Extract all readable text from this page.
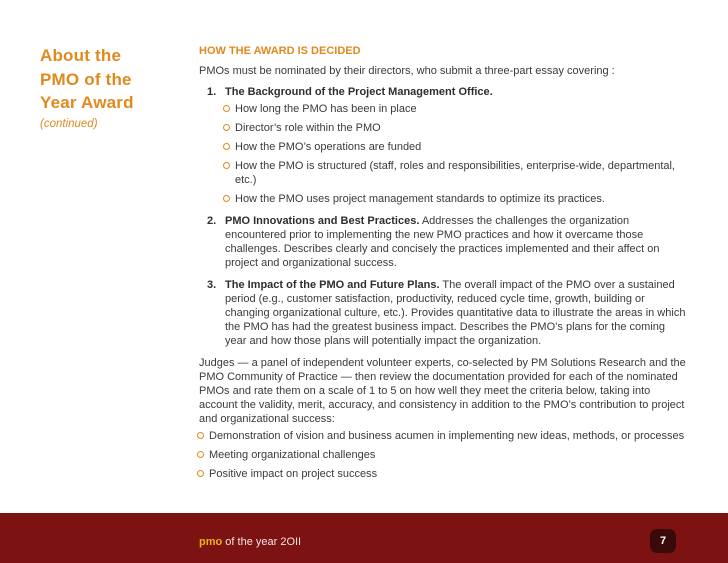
About the
PMO of the
Year Award
(continued)
HOW THE AWARD IS DECIDED

PMOs must be nominated by their directors, who submit a three-part essay covering :

1. The Background of the Project Management Office.
How long the PMO has been in place
Director’s role within the PMO
How the PMO’s operations are funded
How the PMO is structured (staff, roles and responsibilities, enterprise-wide, departmental, etc.)
How the PMO uses project management standards to optimize its practices.
2. PMO Innovations and Best Practices. Addresses the challenges the organization encountered prior to implementing the new PMO practices and how it overcame those challenges. Describes clearly and concisely the practices implemented and their affect on project and organizational success.
3. The Impact of the PMO and Future Plans. The overall impact of the PMO over a sustained period (e.g., customer satisfaction, productivity, reduced cycle time, growth, building or changing organizational culture, etc.). Provides quantitative data to illustrate the areas in which the PMO has had the greatest business impact. Describes the PMO’s plans for the coming year and how those plans will potentially impact the organization.

Judges — a panel of independent volunteer experts, co-selected by PM Solutions Research and the PMO Community of Practice — then review the documentation provided for each of the nominated PMOs and rate them on a scale of 1 to 5 on how well they meet the criteria below, taking into account the validity, merit, accuracy, and consistency in addition to the PMO’s contribution to project and organizational success:

Demonstration of vision and business acumen in implementing new ideas, methods, or processes
Meeting organizational challenges
Positive impact on project success
pmo of the year 2OII	7
